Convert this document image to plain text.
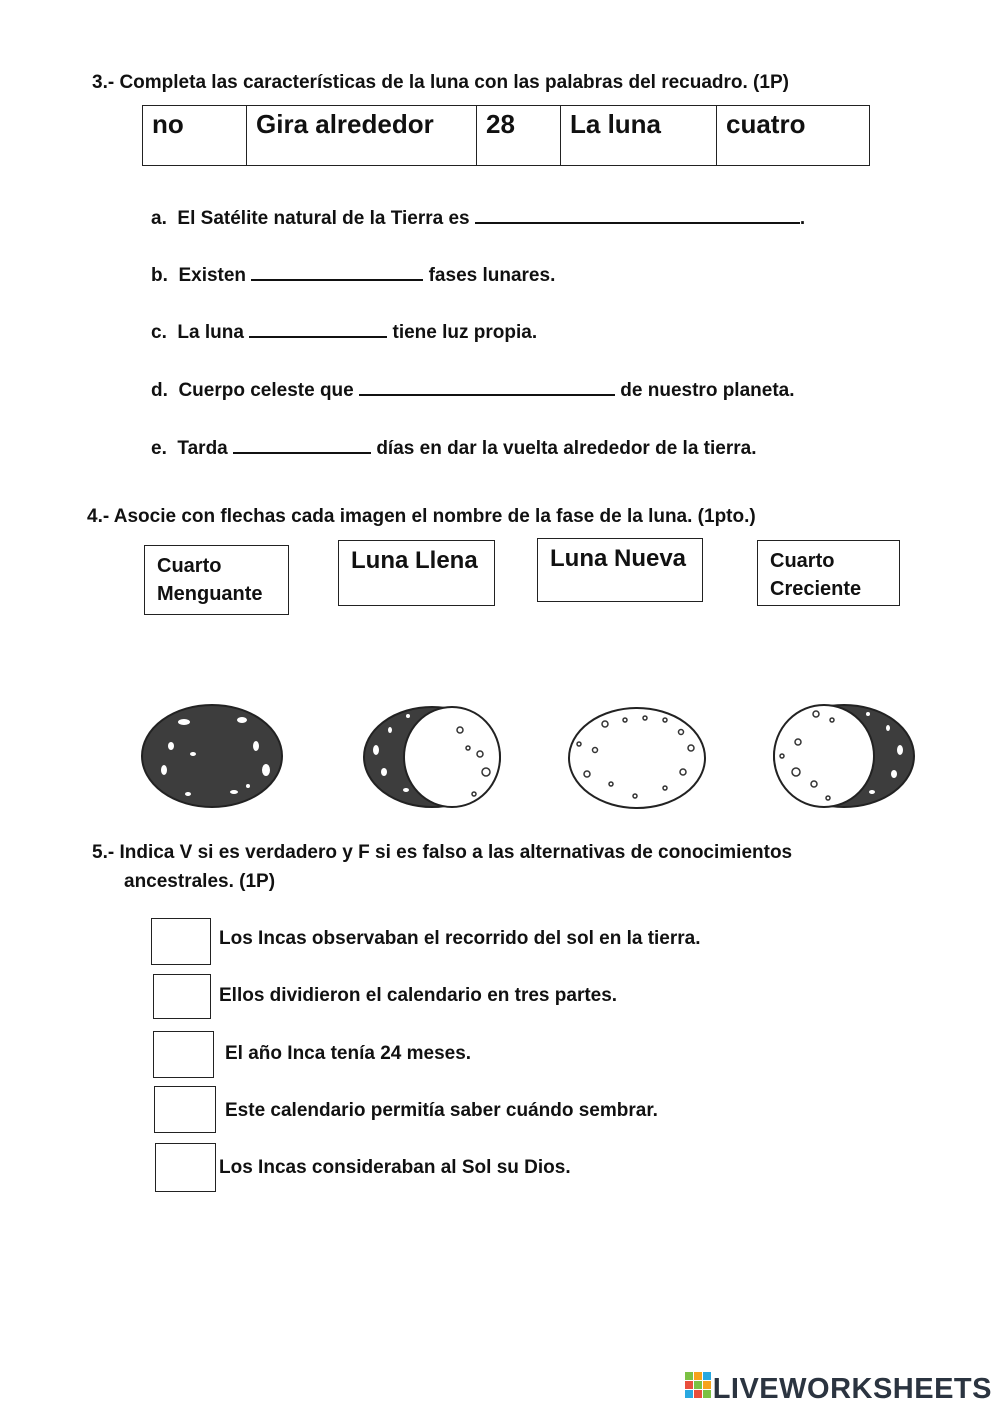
3.- Completa las características de la luna con las palabras del recuadro. (1P)
no	Gira alrededor	28	La luna	cuatro
a. El Satélite natural de la Tierra es	.
b. Existen	fases lunares.
c. La luna	tiene luz propia.
d. Cuerpo celeste que	de nuestro planeta.
e. Tarda	días en dar la vuelta alrededor de la tierra.
4.- Asocie con flechas cada imagen el nombre de la fase de la luna. (1pto.)
Cuarto
Menguante
Luna Llena	Luna Nueva	Cuarto
Creciente
5.- Indica V si es verdadero y F si es falso a las alternativas de conocimientos
ancestrales. (1P)
Los Incas observaban el recorrido del sol en la tierra.
Ellos dividieron el calendario en tres partes.
El año Inca tenía 24 meses.
Este calendario permitía saber cuándo sembrar.
Los Incas consideraban al Sol su Dios.
LIVEWORKSHEETS
